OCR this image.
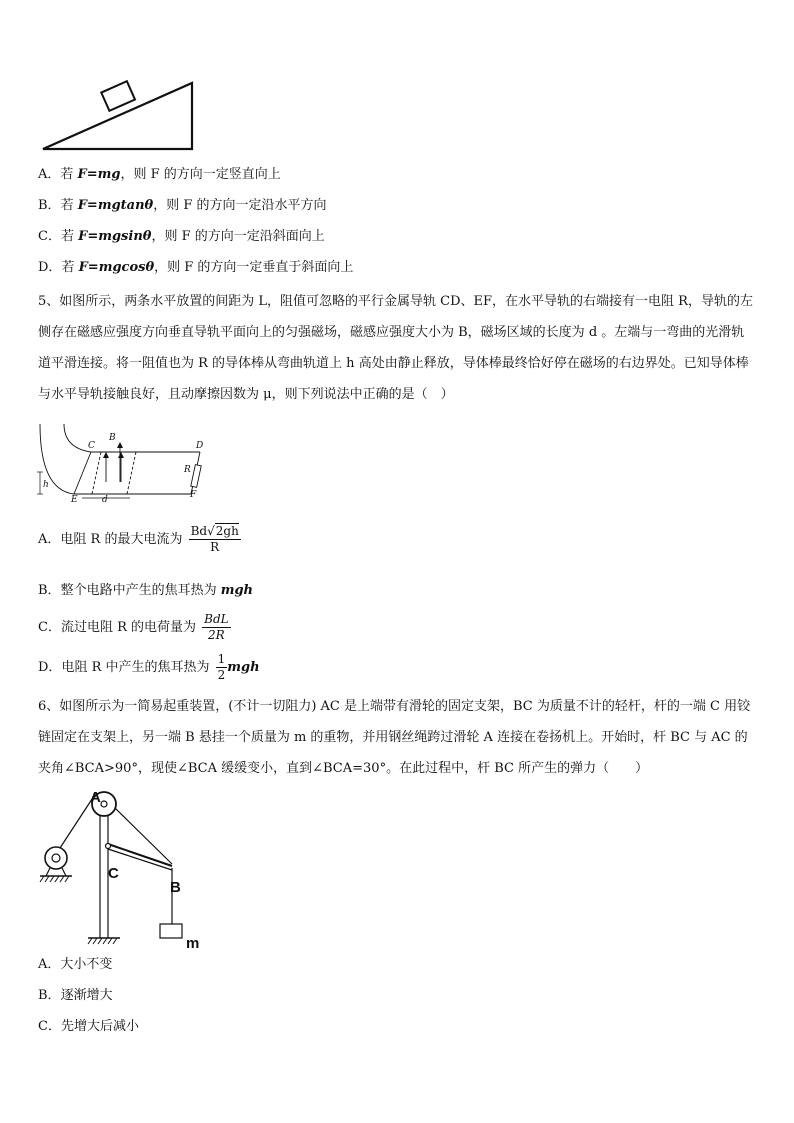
A．若 F=mg，则 F 的方向一定竖直向上
B．若 F=mgtanθ，则 F 的方向一定沿水平方向
C．若 F=mgsinθ，则 F 的方向一定沿斜面向上
D．若 F=mgcosθ，则 F 的方向一定垂直于斜面向上
5、如图所示，两条水平放置的间距为 L，阻值可忽略的平行金属导轨 CD、EF，在水平导轨的右端接有一电阻 R，导轨的左侧存在磁感应强度方向垂直导轨平面向上的匀强磁场，磁感应强度大小为 B，磁场区域的长度为 d 。左端与一弯曲的光滑轨道平滑连接。将一阻值也为 R 的导体棒从弯曲轨道上 h 高处由静止释放，导体棒最终恰好停在磁场的右边界处。已知导体棒与水平导轨接触良好，且动摩擦因数为 μ，则下列说法中正确的是（　）
C
B
D
R
h
E	d	F
A．电阻 R 的最大电流为 $\frac{Bd√2gh}{R}$
B．整个电路中产生的焦耳热为 mgh
C．流过电阻 R 的电荷量为 $\frac{\text{BdL}}{2R}$
D．电阻 R 中产生的焦耳热为 $\frac{1}{2}$ mgh
6、如图所示为一简易起重装置，(不计一切阻力) AC 是上端带有滑轮的固定支架，BC 为质量不计的轻杆，杆的一端 C 用铰链固定在支架上，另一端 B 悬挂一个质量为 m 的重物，并用钢丝绳跨过滑轮 A 连接在卷扬机上。开始时，杆 BC 与 AC 的夹角∠BCA>90°，现使∠BCA 缓缓变小，直到∠BCA=30°。在此过程中，杆 BC 所产生的弹力（　　）
A
C
B
m
A．大小不变
B．逐渐增大
C．先增大后减小
